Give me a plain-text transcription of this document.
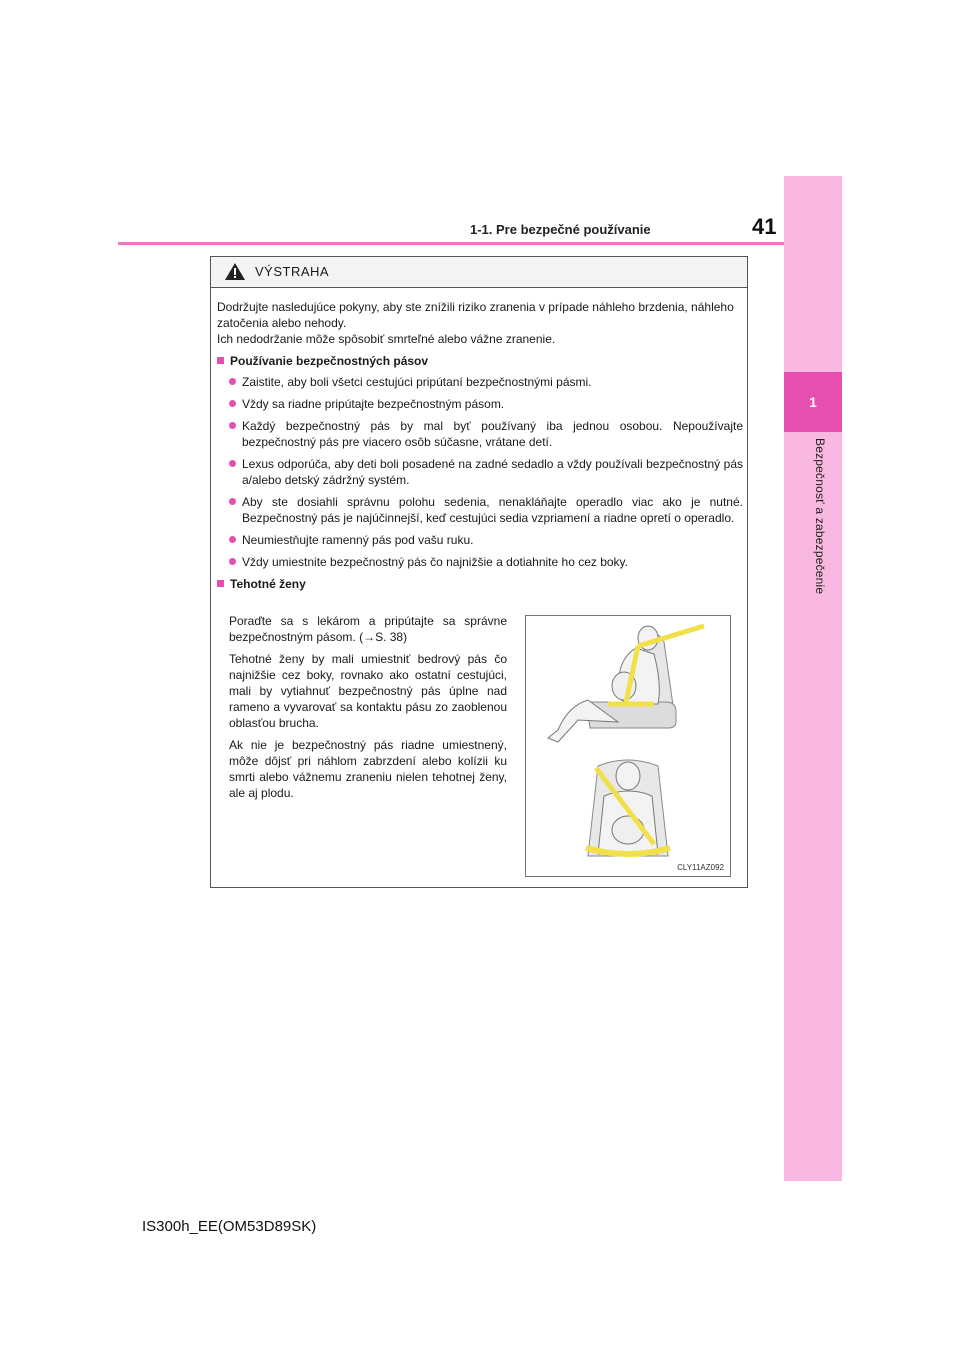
1-1. Pre bezpečné používanie	41
1
Bezpečnosť a zabezpečenie
VÝSTRAHA

Dodržujte nasledujúce pokyny, aby ste znížili riziko zranenia v prípade náhleho brzdenia, náhleho zatočenia alebo nehody.

Ich nedodržanie môže spôsobiť smrteľné alebo vážne zranenie.

Používanie bezpečnostných pásov
Zaistite, aby boli všetci cestujúci pripútaní bezpečnostnými pásmi.
Vždy sa riadne pripútajte bezpečnostným pásom.
Každý bezpečnostný pás by mal byť používaný iba jednou osobou. Nepoužívajte bezpečnostný pás pre viacero osôb súčasne, vrátane detí.
Lexus odporúča, aby deti boli posadené na zadné sedadlo a vždy používali bezpečnostný pás a/alebo detský zádržný systém.
Aby ste dosiahli správnu polohu sedenia, nenakláňajte operadlo viac ako je nutné. Bezpečnostný pás je najúčinnejší, keď cestujúci sedia vzpriamení a riadne opretí o operadlo.
Neumiestňujte ramenný pás pod vašu ruku.
Vždy umiestnite bezpečnostný pás čo najnižšie a dotiahnite ho cez boky.
Tehotné ženy

Poraďte sa s lekárom a pripútajte sa správne bezpečnostným pásom. (→S. 38)

Tehotné ženy by mali umiestniť bedrový pás čo najnižšie cez boky, rovnako ako ostatní cestujúci, mali by vytiahnuť bezpečnostný pás úplne nad rameno a vyvarovať sa kontaktu pásu zo zaoblenou oblasťou brucha.

Ak nie je bezpečnostný pás riadne umiestnený, môže dôjsť pri náhlom zabrzdení alebo kolízii ku smrti alebo vážnemu zraneniu nielen tehotnej ženy, ale aj plodu.

CLY11AZ092
IS300h_EE(OM53D89SK)
